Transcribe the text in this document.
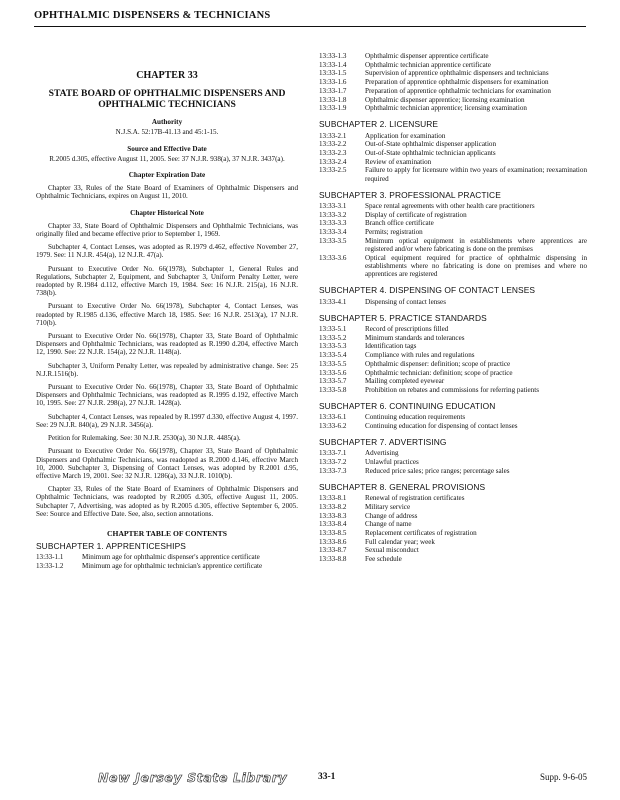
OPHTHALMIC DISPENSERS & TECHNICIANS
CHAPTER 33
STATE BOARD OF OPHTHALMIC DISPENSERS AND OPHTHALMIC TECHNICIANS
Authority
N.J.S.A. 52:17B-41.13 and 45:1-15.
Source and Effective Date
R.2005 d.305, effective August 11, 2005. See: 37 N.J.R. 938(a), 37 N.J.R. 3437(a).
Chapter Expiration Date
Chapter 33, Rules of the State Board of Examiners of Ophthalmic Dispensers and Ophthalmic Technicians, expires on August 11, 2010.
Chapter Historical Note
Chapter 33, State Board of Ophthalmic Dispensers and Ophthalmic Technicians, was originally filed and became effective prior to September 1, 1969.
Subchapter 4, Contact Lenses, was adopted as R.1979 d.462, effective November 27, 1979. See: 11 N.J.R. 454(a), 12 N.J.R. 47(a).
Pursuant to Executive Order No. 66(1978), Subchapter 1, General Rules and Regulations, Subchapter 2, Equipment, and Subchapter 3, Uniform Penalty Letter, were readopted by R.1984 d.112, effective March 19, 1984. See: 16 N.J.R. 215(a), 16 N.J.R. 738(b).
Pursuant to Executive Order No. 66(1978), Subchapter 4, Contact Lenses, was readopted by R.1985 d.136, effective March 18, 1985. See: 16 N.J.R. 2513(a), 17 N.J.R. 710(b).
Pursuant to Executive Order No. 66(1978), Chapter 33, State Board of Ophthalmic Dispensers and Ophthalmic Technicians, was readopted as R.1990 d.204, effective March 12, 1990. See: 22 N.J.R. 154(a), 22 N.J.R. 1148(a).
Subchapter 3, Uniform Penalty Letter, was repealed by administrative change. See: 25 N.J.R.1516(b).
Pursuant to Executive Order No. 66(1978), Chapter 33, State Board of Ophthalmic Dispensers and Ophthalmic Technicians, was readopted as R.1995 d.192, effective March 10, 1995. See: 27 N.J.R. 298(a), 27 N.J.R. 1428(a).
Subchapter 4, Contact Lenses, was repealed by R.1997 d.330, effective August 4, 1997. See: 29 N.J.R. 840(a), 29 N.J.R. 3456(a).
Petition for Rulemaking. See: 30 N.J.R. 2530(a), 30 N.J.R. 4485(a).
Pursuant to Executive Order No. 66(1978), Chapter 33, State Board of Ophthalmic Dispensers and Ophthalmic Technicians, was readopted as R.2000 d.146, effective March 10, 2000. Subchapter 3, Dispensing of Contact Lenses, was adopted by R.2001 d.95, effective March 19, 2001. See: 32 N.J.R. 1286(a), 33 N.J.R. 1010(b).
Chapter 33, Rules of the State Board of Examiners of Ophthalmic Dispensers and Ophthalmic Technicians, was readopted by R.2005 d.305, effective August 11, 2005. Subchapter 7, Advertising, was adopted as by R.2005 d.305, effective September 6, 2005. See: Source and Effective Date. See, also, section annotations.
CHAPTER TABLE OF CONTENTS
SUBCHAPTER 1. APPRENTICESHIPS
13:33-1.1	Minimum age for ophthalmic dispenser's apprentice certificate
13:33-1.2	Minimum age for ophthalmic technician's apprentice certificate
13:33-1.3	Ophthalmic dispenser apprentice certificate
13:33-1.4	Ophthalmic technician apprentice certificate
13:33-1.5	Supervision of apprentice ophthalmic dispensers and technicians
13:33-1.6	Preparation of apprentice ophthalmic dispensers for examination
13:33-1.7	Preparation of apprentice ophthalmic technicians for examination
13:33-1.8	Ophthalmic dispenser apprentice; licensing examination
13:33-1.9	Ophthalmic technician apprentice; licensing examination
SUBCHAPTER 2. LICENSURE
13:33-2.1	Application for examination
13:33-2.2	Out-of-State ophthalmic dispenser application
13:33-2.3	Out-of-State ophthalmic technician applicants
13:33-2.4	Review of examination
13:33-2.5	Failure to apply for licensure within two years of examination; reexamination required
SUBCHAPTER 3. PROFESSIONAL PRACTICE
13:33-3.1	Space rental agreements with other health care practitioners
13:33-3.2	Display of certificate of registration
13:33-3.3	Branch office certificate
13:33-3.4	Permits; registration
13:33-3.5	Minimum optical equipment in establishments where apprentices are registered and/or where fabricating is done on the premises
13:33-3.6	Optical equipment required for practice of ophthalmic dispensing in establishments where no fabricating is done on premises and where no apprentices are registered
SUBCHAPTER 4. DISPENSING OF CONTACT LENSES
13:33-4.1	Dispensing of contact lenses
SUBCHAPTER 5. PRACTICE STANDARDS
13:33-5.1	Record of prescriptions filled
13:33-5.2	Minimum standards and tolerances
13:33-5.3	Identification tags
13:33-5.4	Compliance with rules and regulations
13:33-5.5	Ophthalmic dispenser: definition; scope of practice
13:33-5.6	Ophthalmic technician: definition; scope of practice
13:33-5.7	Mailing completed eyewear
13:33-5.8	Prohibition on rebates and commissions for referring patients
SUBCHAPTER 6. CONTINUING EDUCATION
13:33-6.1	Continuing education requirements
13:33-6.2	Continuing education for dispensing of contact lenses
SUBCHAPTER 7. ADVERTISING
13:33-7.1	Advertising
13:33-7.2	Unlawful practices
13:33-7.3	Reduced price sales; price ranges; percentage sales
SUBCHAPTER 8. GENERAL PROVISIONS
13:33-8.1	Renewal of registration certificates
13:33-8.2	Military service
13:33-8.3	Change of address
13:33-8.4	Change of name
13:33-8.5	Replacement certificates of registration
13:33-8.6	Full calendar year; week
13:33-8.7	Sexual misconduct
13:33-8.8	Fee schedule
New Jersey State Library	33-1	Supp. 9-6-05
